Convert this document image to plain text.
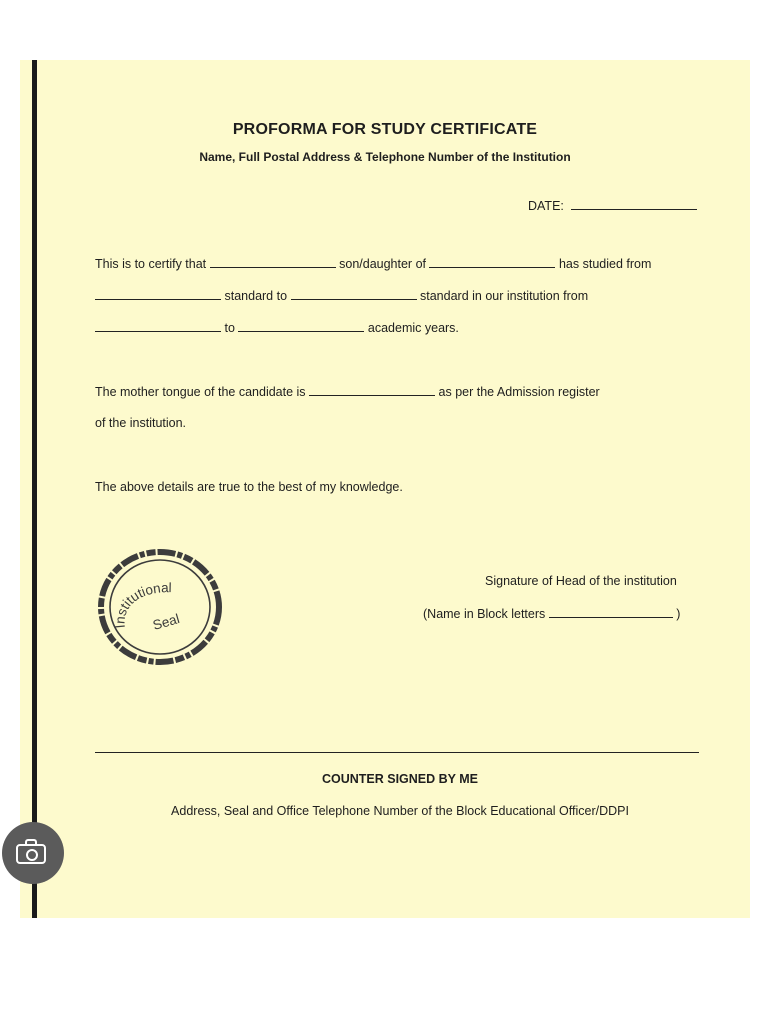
PROFORMA FOR STUDY CERTIFICATE
Name, Full Postal Address & Telephone Number of the Institution
DATE:
This is to certify that	son/daughter of	has studied from
standard to	standard in our institution from
to	academic years.
The mother tongue of the candidate is	as per the Admission register
of the institution.
The above details are true to the best of my knowledge.
Institutional
Seal
Signature of Head of the institution
(Name in Block letters	)
COUNTER SIGNED BY ME
Address, Seal and Office Telephone Number of the Block Educational Officer/DDPI
